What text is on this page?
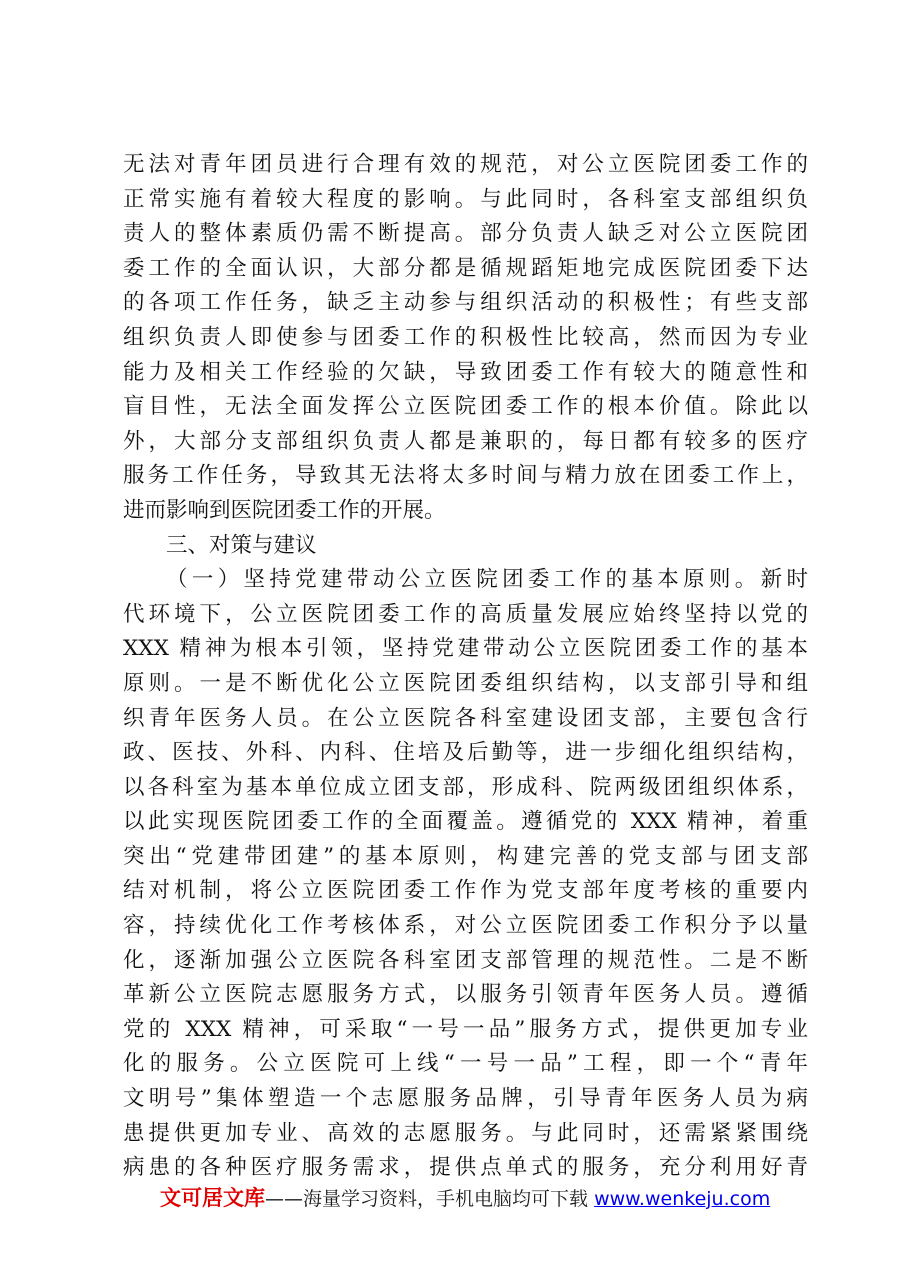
无法对青年团员进行合理有效的规范，对公立医院团委工作的
正常实施有着较大程度的影响。与此同时，各科室支部组织负
责人的整体素质仍需不断提高。部分负责人缺乏对公立医院团
委工作的全面认识，大部分都是循规蹈矩地完成医院团委下达
的各项工作任务，缺乏主动参与组织活动的积极性；有些支部
组织负责人即使参与团委工作的积极性比较高，然而因为专业
能力及相关工作经验的欠缺，导致团委工作有较大的随意性和
盲目性，无法全面发挥公立医院团委工作的根本价值。除此以
外，大部分支部组织负责人都是兼职的，每日都有较多的医疗
服务工作任务，导致其无法将太多时间与精力放在团委工作上，
进而影响到医院团委工作的开展。
三、对策与建议
（一）坚持党建带动公立医院团委工作的基本原则。新时
代环境下，公立医院团委工作的高质量发展应始终坚持以党的
XXX 精神为根本引领，坚持党建带动公立医院团委工作的基本
原则。一是不断优化公立医院团委组织结构，以支部引导和组
织青年医务人员。在公立医院各科室建设团支部，主要包含行
政、医技、外科、内科、住培及后勤等，进一步细化组织结构，
以各科室为基本单位成立团支部，形成科、院两级团组织体系，
以此实现医院团委工作的全面覆盖。遵循党的 XXX 精神，着重
突出“党建带团建”的基本原则，构建完善的党支部与团支部
结对机制，将公立医院团委工作作为党支部年度考核的重要内
容，持续优化工作考核体系，对公立医院团委工作积分予以量
化，逐渐加强公立医院各科室团支部管理的规范性。二是不断
革新公立医院志愿服务方式，以服务引领青年医务人员。遵循
党的 XXX 精神，可采取“一号一品”服务方式，提供更加专业
化的服务。公立医院可上线“一号一品”工程，即一个“青年
文明号”集体塑造一个志愿服务品牌，引导青年医务人员为病
患提供更加专业、高效的志愿服务。与此同时，还需紧紧围绕
病患的各种医疗服务需求，提供点单式的服务，充分利用好青
文可居文库——海量学习资料，手机电脑均可下载 www.wenkeju.com
